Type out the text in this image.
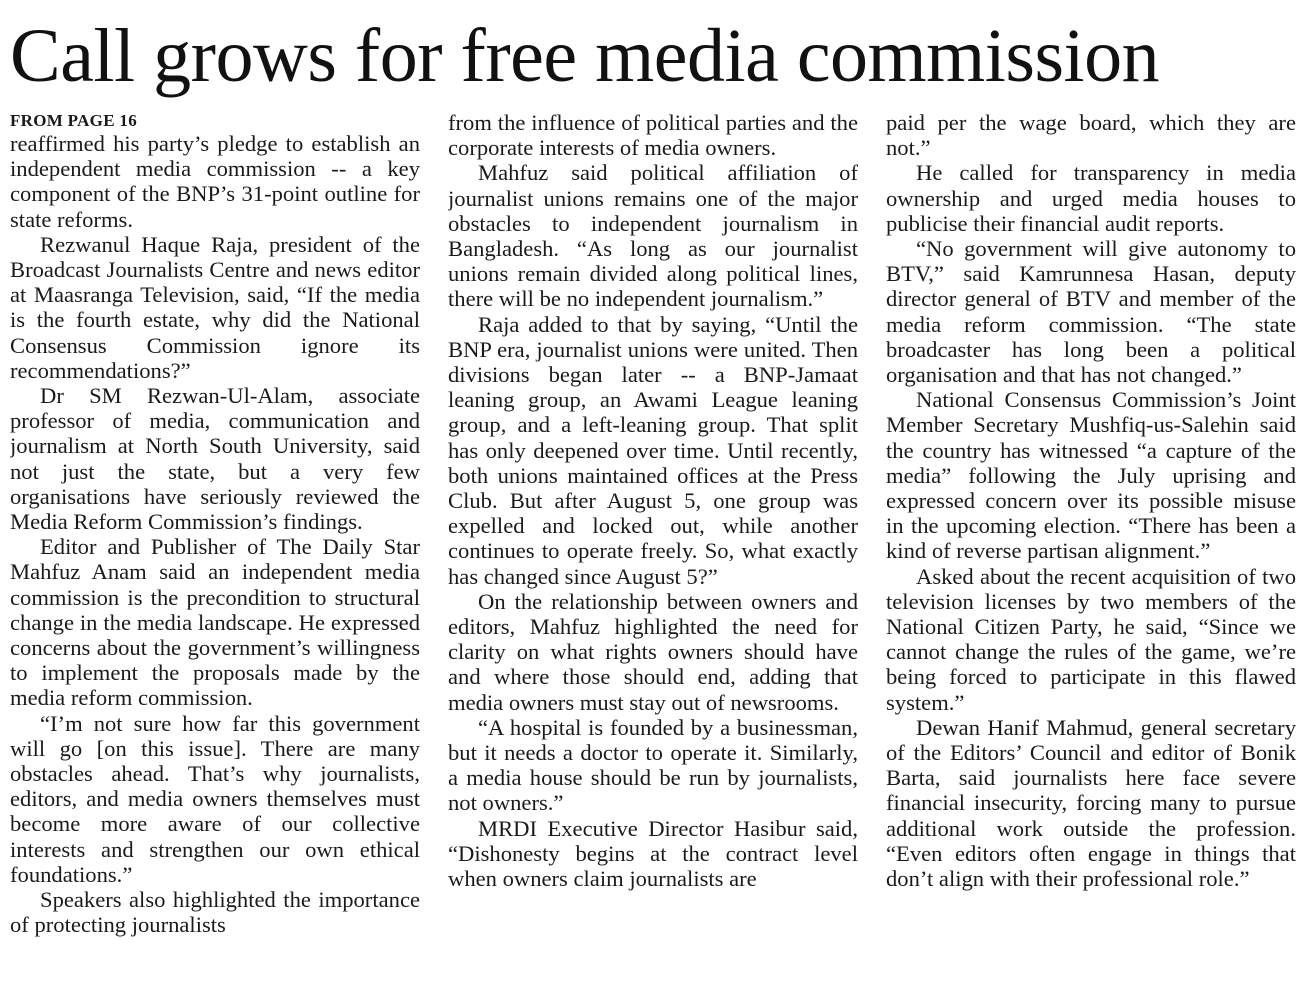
Call grows for free media commission
FROM PAGE 16

reaffirmed his party’s pledge to establish an independent media commission -- a key component of the BNP’s 31-point outline for state reforms.

Rezwanul Haque Raja, president of the Broadcast Journalists Centre and news editor at Maasranga Television, said, “If the media is the fourth estate, why did the National Consensus Commission ignore its recommendations?”

Dr SM Rezwan-Ul-Alam, associate professor of media, communication and journalism at North South University, said not just the state, but a very few organisations have seriously reviewed the Media Reform Commission’s findings.

Editor and Publisher of The Daily Star Mahfuz Anam said an independent media commission is the precondition to structural change in the media landscape. He expressed concerns about the government’s willingness to implement the proposals made by the media reform commission.

“I’m not sure how far this government will go [on this issue]. There are many obstacles ahead. That’s why journalists, editors, and media owners themselves must become more aware of our collective interests and strengthen our own ethical foundations.”

Speakers also highlighted the importance of protecting journalists

from the influence of political parties and the corporate interests of media owners.

Mahfuz said political affiliation of journalist unions remains one of the major obstacles to independent journalism in Bangladesh. “As long as our journalist unions remain divided along political lines, there will be no independent journalism.”

Raja added to that by saying, “Until the BNP era, journalist unions were united. Then divisions began later -- a BNP-Jamaat leaning group, an Awami League leaning group, and a left-leaning group. That split has only deepened over time. Until recently, both unions maintained offices at the Press Club. But after August 5, one group was expelled and locked out, while another continues to operate freely. So, what exactly has changed since August 5?”

On the relationship between owners and editors, Mahfuz highlighted the need for clarity on what rights owners should have and where those should end, adding that media owners must stay out of newsrooms.

“A hospital is founded by a businessman, but it needs a doctor to operate it. Similarly, a media house should be run by journalists, not owners.”

MRDI Executive Director Hasibur said, “Dishonesty begins at the contract level when owners claim journalists are

paid per the wage board, which they are not.”

He called for transparency in media ownership and urged media houses to publicise their financial audit reports.

“No government will give autonomy to BTV,” said Kamrunnesa Hasan, deputy director general of BTV and member of the media reform commission. “The state broadcaster has long been a political organisation and that has not changed.”

National Consensus Commission’s Joint Member Secretary Mushfiq-us-Salehin said the country has witnessed “a capture of the media” following the July uprising and expressed concern over its possible misuse in the upcoming election. “There has been a kind of reverse partisan alignment.”

Asked about the recent acquisition of two television licenses by two members of the National Citizen Party, he said, “Since we cannot change the rules of the game, we’re being forced to participate in this flawed system.”

Dewan Hanif Mahmud, general secretary of the Editors’ Council and editor of Bonik Barta, said journalists here face severe financial insecurity, forcing many to pursue additional work outside the profession. “Even editors often engage in things that don’t align with their professional role.”
